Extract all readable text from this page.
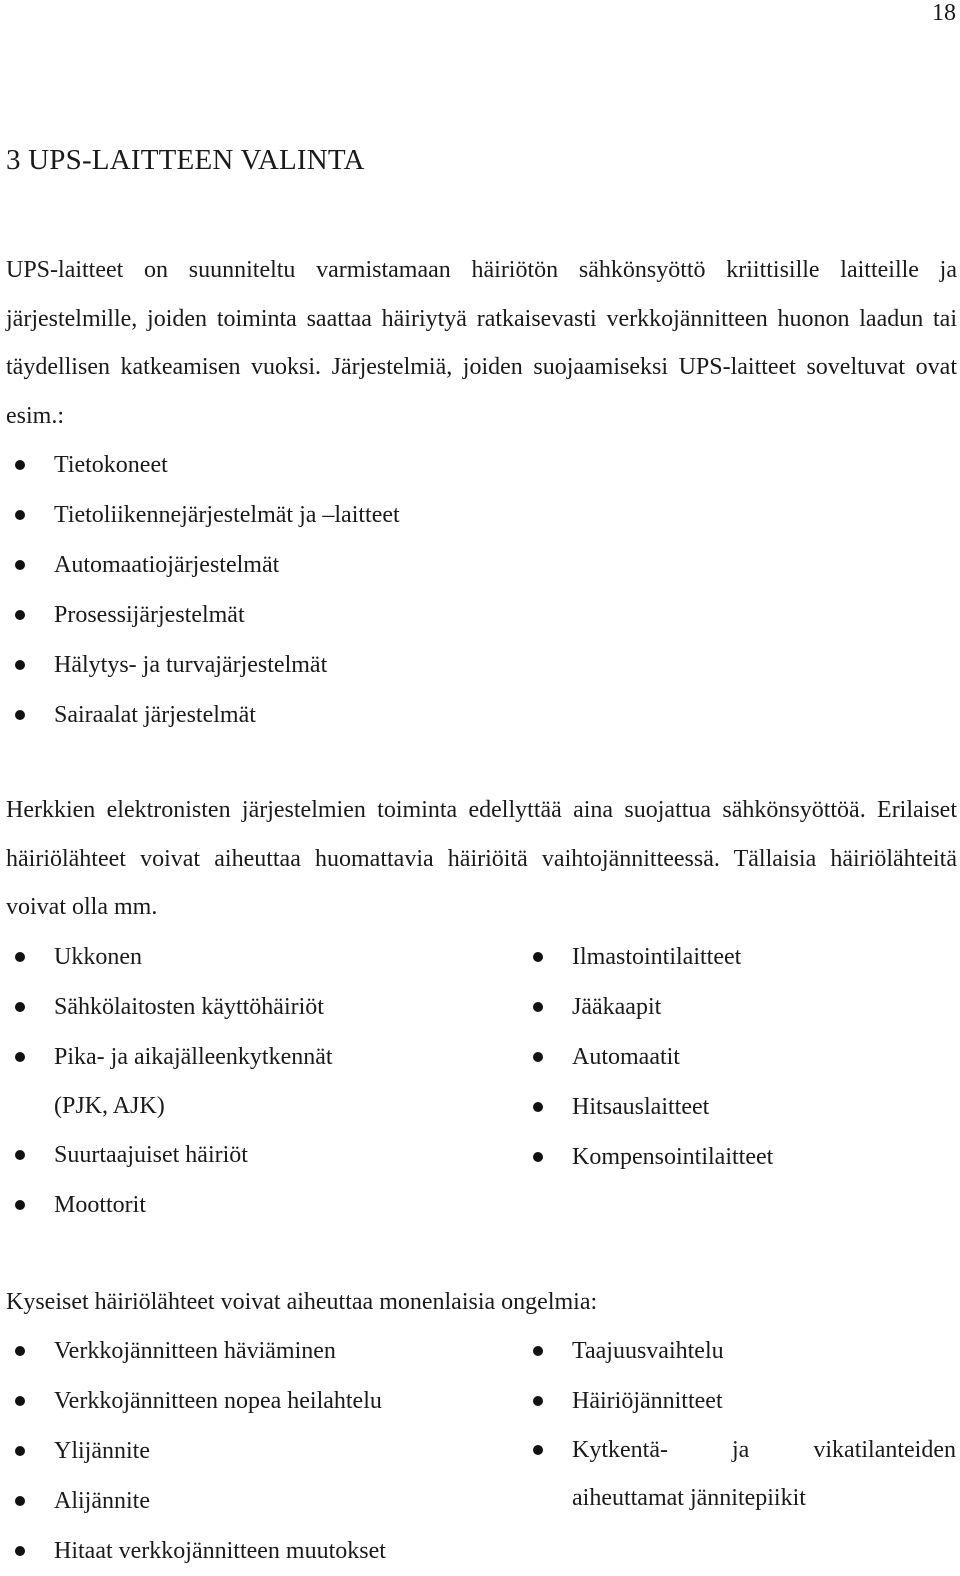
18
3 UPS-LAITTEEN VALINTA

UPS-laitteet on suunniteltu varmistamaan häiriötön sähkönsyöttö kriittisille laitteille ja järjestelmille, joiden toiminta saattaa häiriytyä ratkaisevasti verkkojännitteen huonon laadun tai täydellisen katkeamisen vuoksi. Järjestelmiä, joiden suojaamiseksi UPS-laitteet soveltuvat ovat esim.:

Tietokoneet
Tietoliikennejärjestelmät ja –laitteet
Automaatiojärjestelmät
Prosessijärjestelmät
Hälytys- ja turvajärjestelmät
Sairaalat järjestelmät

Herkkien elektronisten järjestelmien toiminta edellyttää aina suojattua sähkönsyöttöä. Erilaiset häiriölähteet voivat aiheuttaa huomattavia häiriöitä vaihtojännitteessä. Tällaisia häiriölähteitä voivat olla mm.

Ukkonen
Sähkölaitosten käyttöhäiriöt
Pika- ja aikajälleenkytkennät
(PJK, AJK)
Suurtaajuiset häiriöt
Moottorit
Ilmastointilaitteet
Jääkaapit
Automaatit
Hitsauslaitteet
Kompensointilaitteet

Kyseiset häiriölähteet voivat aiheuttaa monenlaisia ongelmia:

Verkkojännitteen häviäminen
Verkkojännitteen nopea heilahtelu
Ylijännite
Alijännite
Hitaat verkkojännitteen muutokset
Taajuusvaihtelu
Häiriöjännitteet
Kytkentä- ja vikatilanteiden aiheuttamat jännitepiikit
